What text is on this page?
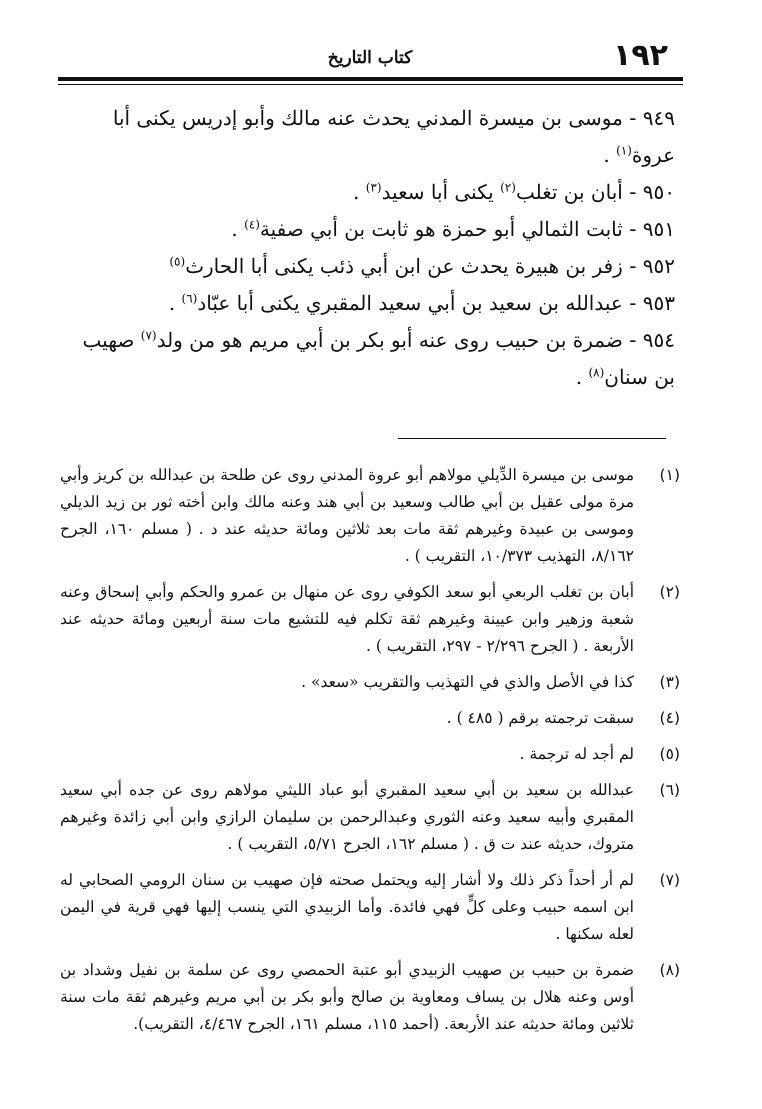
١٩٢
كتاب التاريخ

٩٤٩ - موسى بن ميسرة المدني يحدث عنه مالك وأبو إدريس يكنى أبا عروة$^{(١)}$ .

٩٥٠ - أبان بن تغلب$^{(٢)}$ يكنى أبا سعيد$^{(٣)}$ .

٩٥١ - ثابت الثمالي أبو حمزة هو ثابت بن أبي صفية$^{(٤)}$ .

٩٥٢ - زفر بن هبيرة يحدث عن ابن أبي ذئب يكنى أبا الحارث$^{(٥)}$

٩٥٣ - عبدالله بن سعيد بن أبي سعيد المقبري يكنى أبا عبّاد$^{(٦)}$ .

٩٥٤ - ضمرة بن حبيب روى عنه أبو بكر بن أبي مريم هو من ولد$^{(٧)}$ صهيب بن سنان$^{(٨)}$ .

(١)
موسى بن ميسرة الدِّيلي مولاهم أبو عروة المدني روى عن طلحة بن عبدالله بن كريز وأبي مرة مولى عقيل بن أبي طالب وسعيد بن أبي هند وعنه مالك وابن أخته ثور بن زيد الديلي وموسى بن عبيدة وغيرهم ثقة مات بعد ثلاثين ومائة حديثه عند د . ( مسلم ١٦٠، الجرح ٨/١٦٢، التهذيب ١٠/٣٧٣، التقريب ) .
(٢)
أبان بن تغلب الربعي أبو سعد الكوفي روى عن منهال بن عمرو والحكم وأبي إسحاق وعنه شعبة وزهير وابن عيينة وغيرهم ثقة تكلم فيه للتشيع مات سنة أربعين ومائة حديثه عند الأربعة . ( الجرح ٢/٢٩٦ - ٢٩٧، التقريب ) .
(٣)
كذا في الأصل والذي في التهذيب والتقريب «سعد» .
(٤)
سبقت ترجمته برقم ( ٤٨٥ ) .
(٥)
لم أجد له ترجمة .
(٦)
عبدالله بن سعيد بن أبي سعيد المقبري أبو عباد الليثي مولاهم روى عن جده أبي سعيد المقبري وأبيه سعيد وعنه الثوري وعبدالرحمن بن سليمان الرازي وابن أبي زائدة وغيرهم متروك، حديثه عند ت ق . ( مسلم ١٦٢، الجرح ٥/٧١، التقريب ) .
(٧)
لم أر أحداً ذكر ذلك ولا أشار إليه ويحتمل صحته فإن صهيب بن سنان الرومي الصحابي له ابن اسمه حبيب وعلى كلٍّ فهي فائدة. وأما الزبيدي التي ينسب إليها فهي قرية في اليمن لعله سكنها .
(٨)
ضمرة بن حبيب بن صهيب الزبيدي أبو عتبة الحمصي روى عن سلمة بن نفيل وشداد بن أوس وعنه هلال بن يساف ومعاوية بن صالح وأبو بكر بن أبي مريم وغيرهم ثقة مات سنة ثلاثين ومائة حديثه عند الأربعة. (أحمد ١١٥، مسلم ١٦١، الجرح ٤/٤٦٧، التقريب).
